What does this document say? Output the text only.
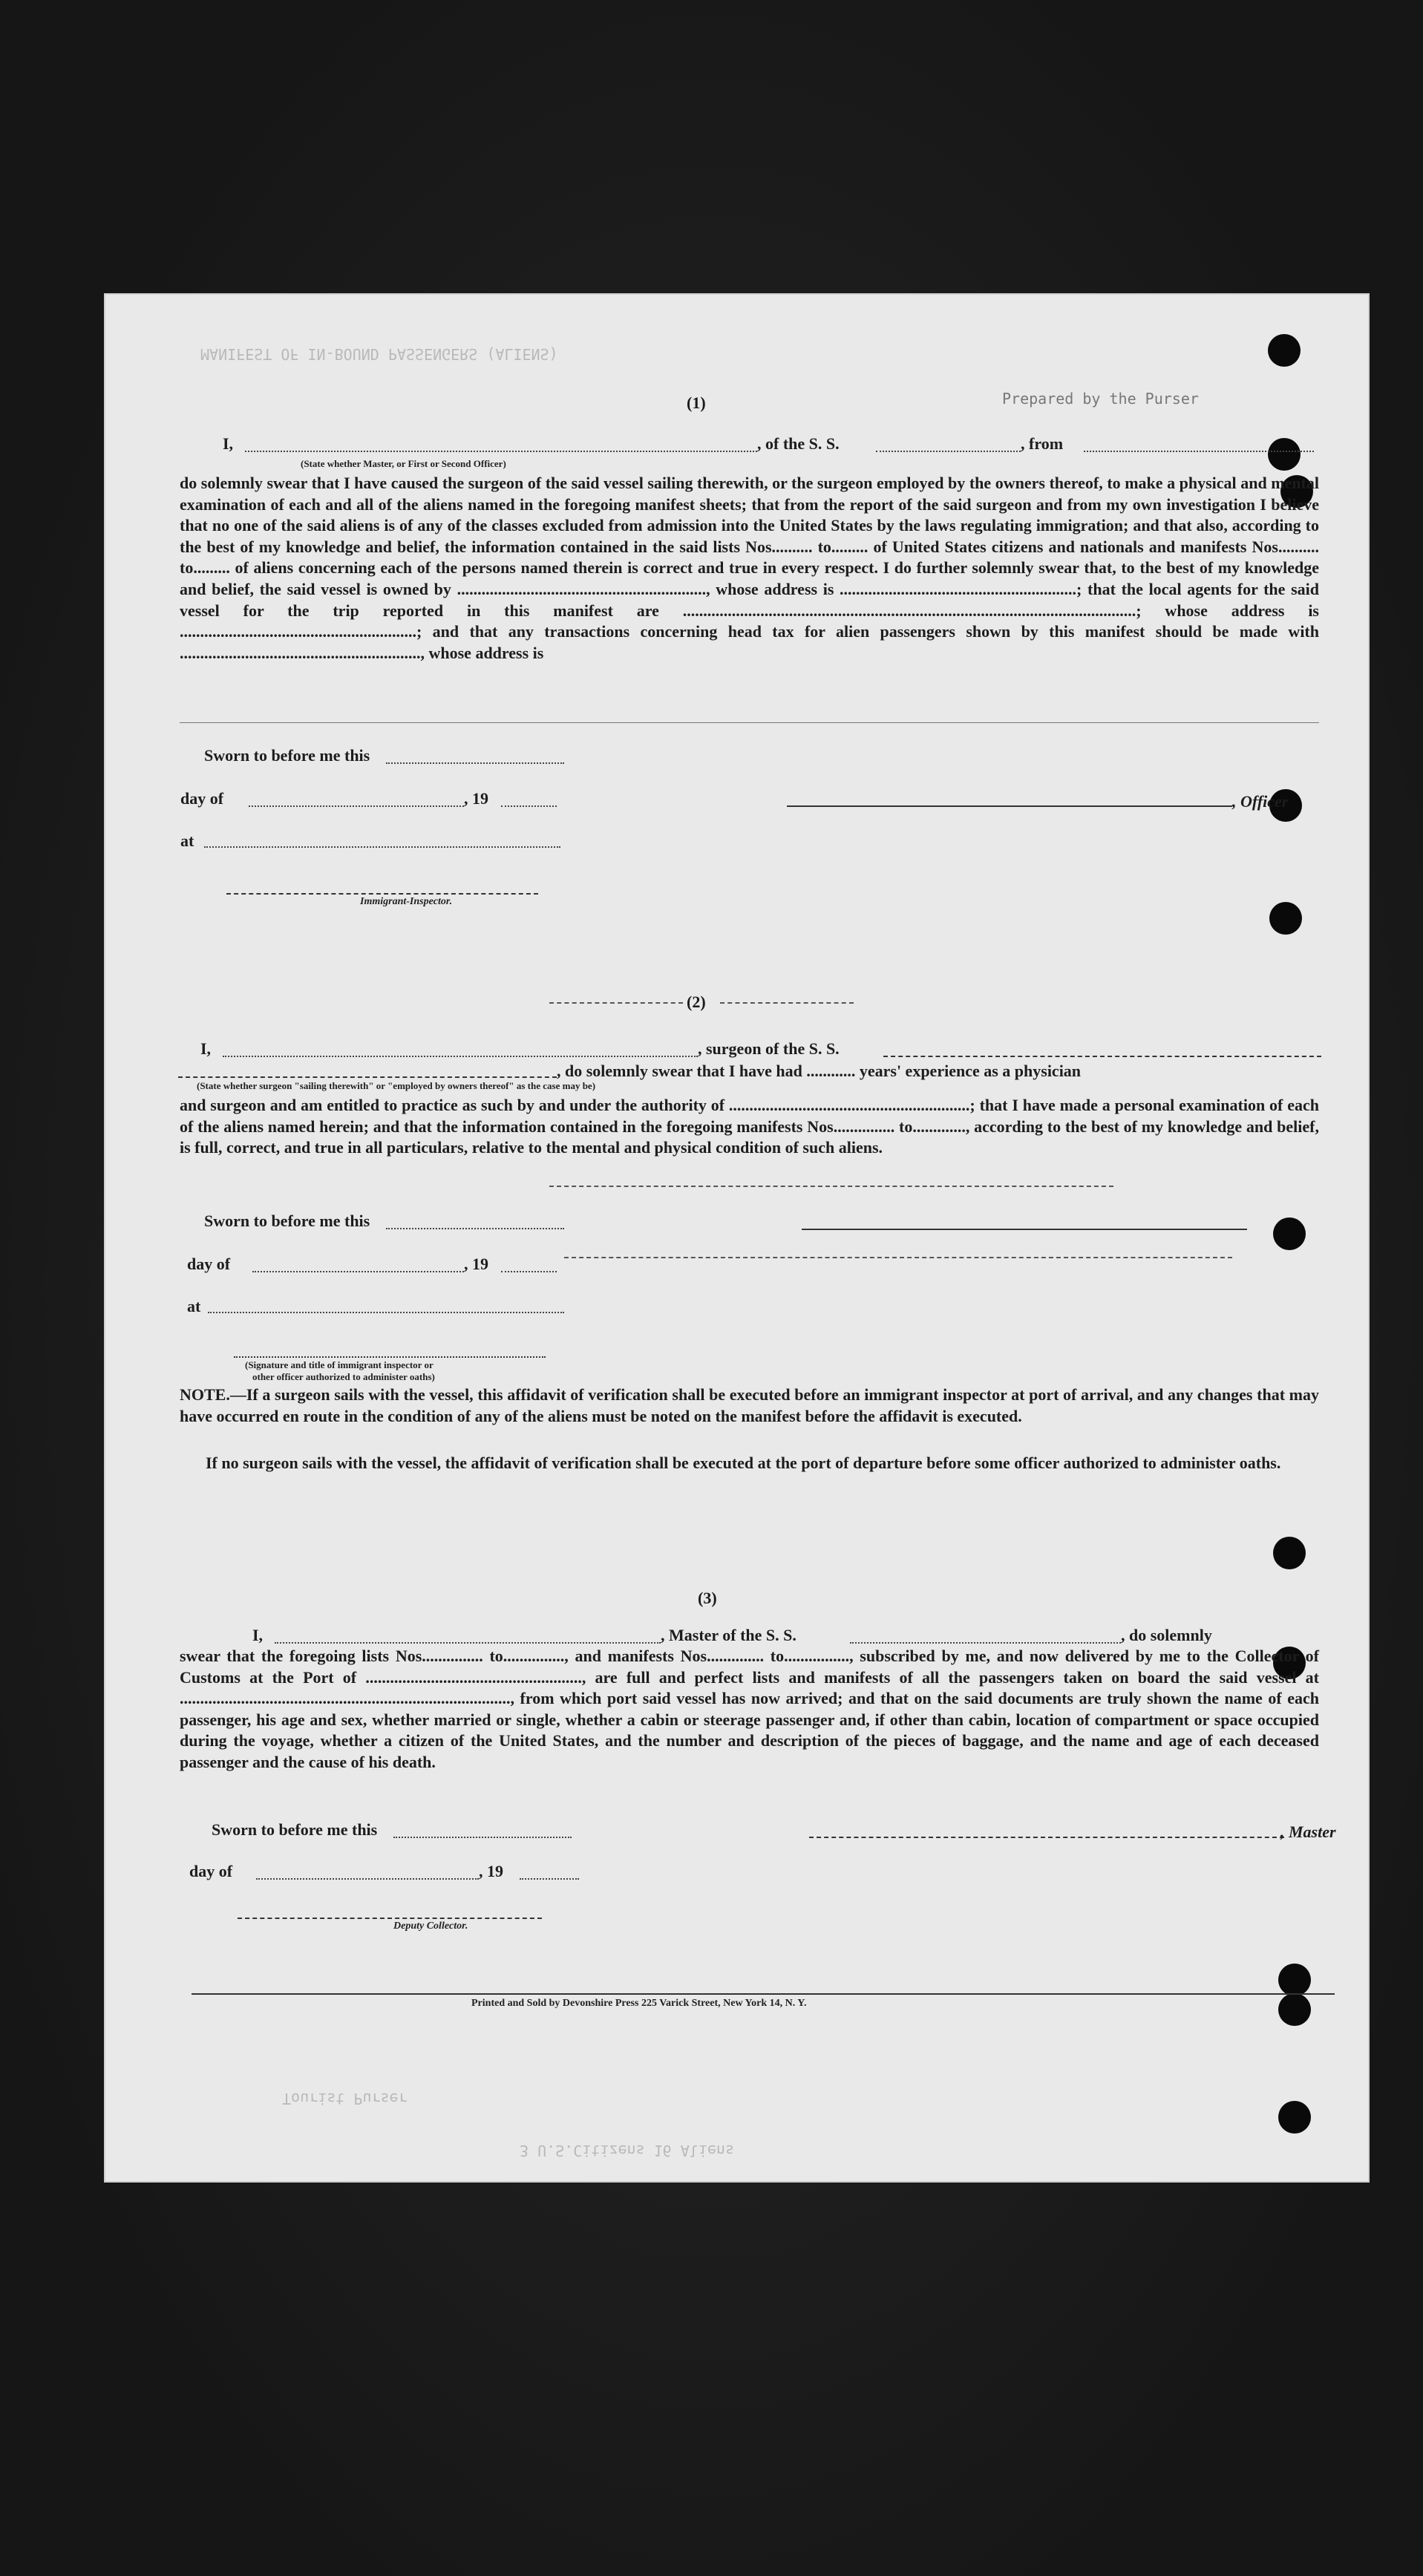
MANIFEST OF IN-BOUND PASSENGERS (ALIENS)
Prepared by the Purser
3 U.S.Citizens 16 Aliens
Tourist Purser
(1)
I,	, of the S. S.	, from
(State whether Master, or First or Second Officer)
do solemnly swear that I have caused the surgeon of the said vessel sailing therewith, or the surgeon employed by the owners thereof, to make a physical and mental examination of each and all of the aliens named in the foregoing manifest sheets; that from the report of the said surgeon and from my own investigation I believe that no one of the said aliens is of any of the classes excluded from admission into the United States by the laws regulating immigration; and that also, according to the best of my knowledge and belief, the information contained in the said lists Nos.......... to......... of United States citizens and nationals and manifests Nos.......... to......... of aliens concerning each of the persons named therein is correct and true in every respect. I do further solemnly swear that, to the best of my knowledge and belief, the said vessel is owned by ............................................................., whose address is ..........................................................; that the local agents for the said vessel for the trip reported in this manifest are ...............................................................................................................; whose address is ..........................................................; and that any transactions concerning head tax for alien passengers shown by this manifest should be made with ..........................................................., whose address is
Sworn to before me this
day of	, 19
at
Immigrant-Inspector.
, Officer
(2)
I,	, surgeon of the S. S.
, do solemnly swear that I have had ............ years' experience as a physician
(State whether surgeon "sailing therewith" or "employed by owners thereof" as the case may be)
and surgeon and am entitled to practice as such by and under the authority of ...........................................................; that I have made a personal examination of each of the aliens named herein; and that the information contained in the foregoing manifests Nos............... to............., according to the best of my knowledge and belief, is full, correct, and true in all particulars, relative to the mental and physical condition of such aliens.
Sworn to before me this
day of	, 19
at
(Signature and title of immigrant inspector or
other officer authorized to administer oaths)
NOTE.—If a surgeon sails with the vessel, this affidavit of verification shall be executed before an immigrant inspector at port of arrival, and any changes that may have occurred en route in the condition of any of the aliens must be noted on the manifest before the affidavit is executed.
If no surgeon sails with the vessel, the affidavit of verification shall be executed at the port of departure before some officer authorized to administer oaths.
(3)
I,	, Master of the S. S.	, do solemnly
swear that the foregoing lists Nos............... to..............., and manifests Nos.............. to................, subscribed by me, and now delivered by me to the Collector of Customs at the Port of ....................................................., are full and perfect lists and manifests of all the passengers taken on board the said vessel at ................................................................................., from which port said vessel has now arrived; and that on the said documents are truly shown the name of each passenger, his age and sex, whether married or single, whether a cabin or steerage passenger and, if other than cabin, location of compartment or space occupied during the voyage, whether a citizen of the United States, and the number and description of the pieces of baggage, and the name and age of each deceased passenger and the cause of his death.
Sworn to before me this
day of	, 19
Deputy Collector.
, Master
Printed and Sold by Devonshire Press 225 Varick Street, New York 14, N. Y.
